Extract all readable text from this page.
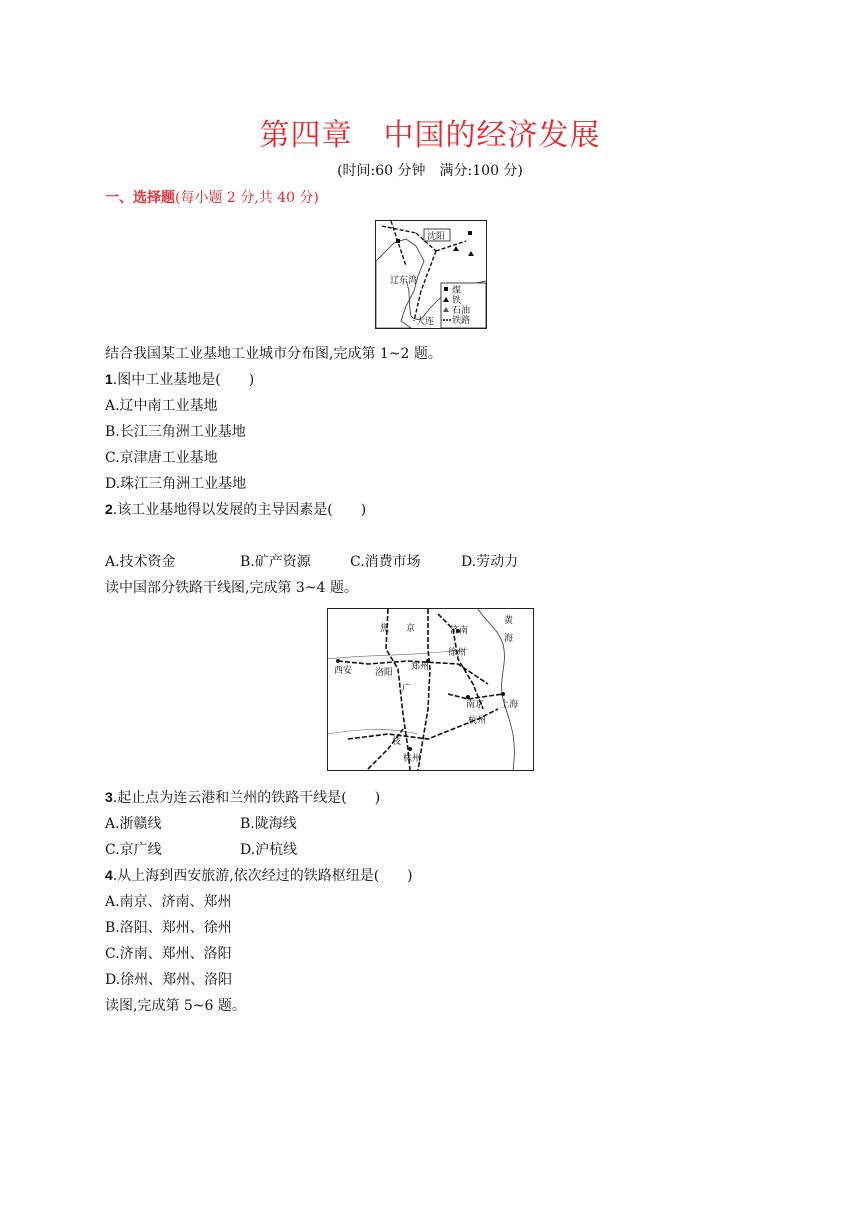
第四章　中国的经济发展
(时间:60 分钟　满分:100 分)
一、选择题(每小题 2 分,共 40 分)
沈阳
辽东湾
大连
煤
铁
石油
铁路
结合我国某工业基地工业城市分布图,完成第 1~2 题。
1.图中工业基地是(　　)
A.辽中南工业基地
B.长江三角洲工业基地
C.京津唐工业基地
D.珠江三角洲工业基地
2.该工业基地得以发展的主导因素是(　　)
A.技术资金	B.矿产资源	C.消费市场	D.劳动力
读中国部分铁路干线图,完成第 3~4 题。
焦 京	济南
黄
海
西安	洛阳
郑州
徐州
南京 上海
杭州
株州
枝
广
3.起止点为连云港和兰州的铁路干线是(　　)
A.浙赣线	B.陇海线
C.京广线	D.沪杭线
4.从上海到西安旅游,依次经过的铁路枢纽是(　　)
A.南京、济南、郑州
B.洛阳、郑州、徐州
C.济南、郑州、洛阳
D.徐州、郑州、洛阳
读图,完成第 5~6 题。
